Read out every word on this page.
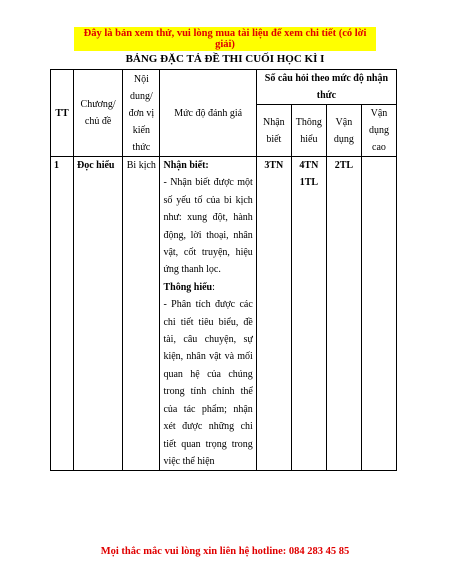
Đây là bản xem thử, vui lòng mua tài liệu để xem chi tiết (có lời giải)
BẢNG ĐẶC TẢ ĐỀ THI CUỐI HỌC KÌ I
TT	Chương/ chủ đề	Nội dung/ đơn vị kiến thức	Mức độ đánh giá	Số câu hỏi theo mức độ nhận thức			
				Nhận biết	Thông hiểu	Vận dụng	Vận dụng cao
1	Đọc hiểu	Bi kịch	Nhận biết:
- Nhận biết được một số yếu tố của bi kịch như: xung đột, hành động, lời thoại, nhân vật, cốt truyện, hiệu ứng thanh lọc.
Thông hiểu:
- Phân tích được các chi tiết tiêu biểu, đề tài, câu chuyện, sự kiện, nhân vật và mối quan hệ của chúng trong tính chỉnh thể của tác phẩm; nhận xét được những chi tiết quan trọng trong việc thể hiện	3TN	4TN 1TL	2TL	
Mọi thắc mắc vui lòng xin liên hệ hotline: 084 283 45 85
